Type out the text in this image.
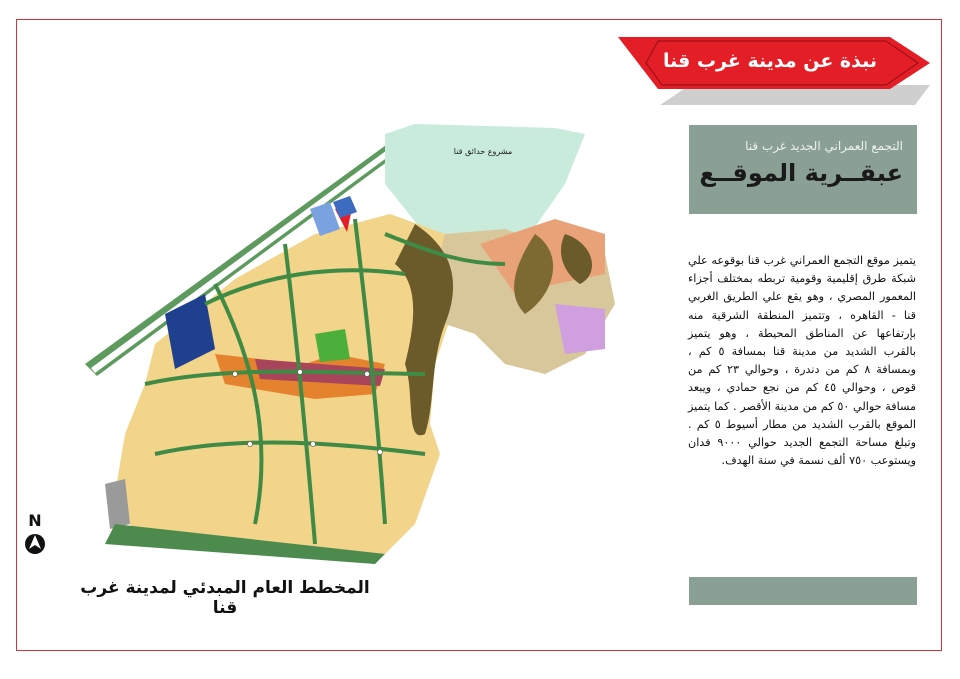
نبذة عن مدينة غرب قنا
التجمع العمراني الجديد غرب قنا
عبقــرية الموقــع
يتميز موقع التجمع العمراني غرب قنا بوقوعه علي شبكة طرق إقليمية وقومية تربطه بمختلف أجزاء المعمور المصري ، وهو يقع علي الطريق الغربي قنا - القاهره ، وتتميز المنطقة الشرقية منه بإرتفاعها عن المناطق المحيطة ، وهو يتميز بالقرب الشديد من مدينة قنا بمسافة ٥ كم ، وبمسافة ٨ كم من دندرة ، وحوالي ٢٣ كم من قوص ، وحوالي ٤٥ كم من نجع حمادي ، ويبعد مسافة حوالي ٥٠ كم من مدينة الأقصر . كما يتميز الموقع بالقرب الشديد من مطار أسيوط ٥ كم . وتبلغ مساحة التجمع الجديد حوالي ٩٠٠٠ فدان ويستوعب ٧٥٠ ألف نسمة في سنة الهدف.
مشروع حدائق قنا
N
المخطط العام المبدئي لمدينة غرب قنا
